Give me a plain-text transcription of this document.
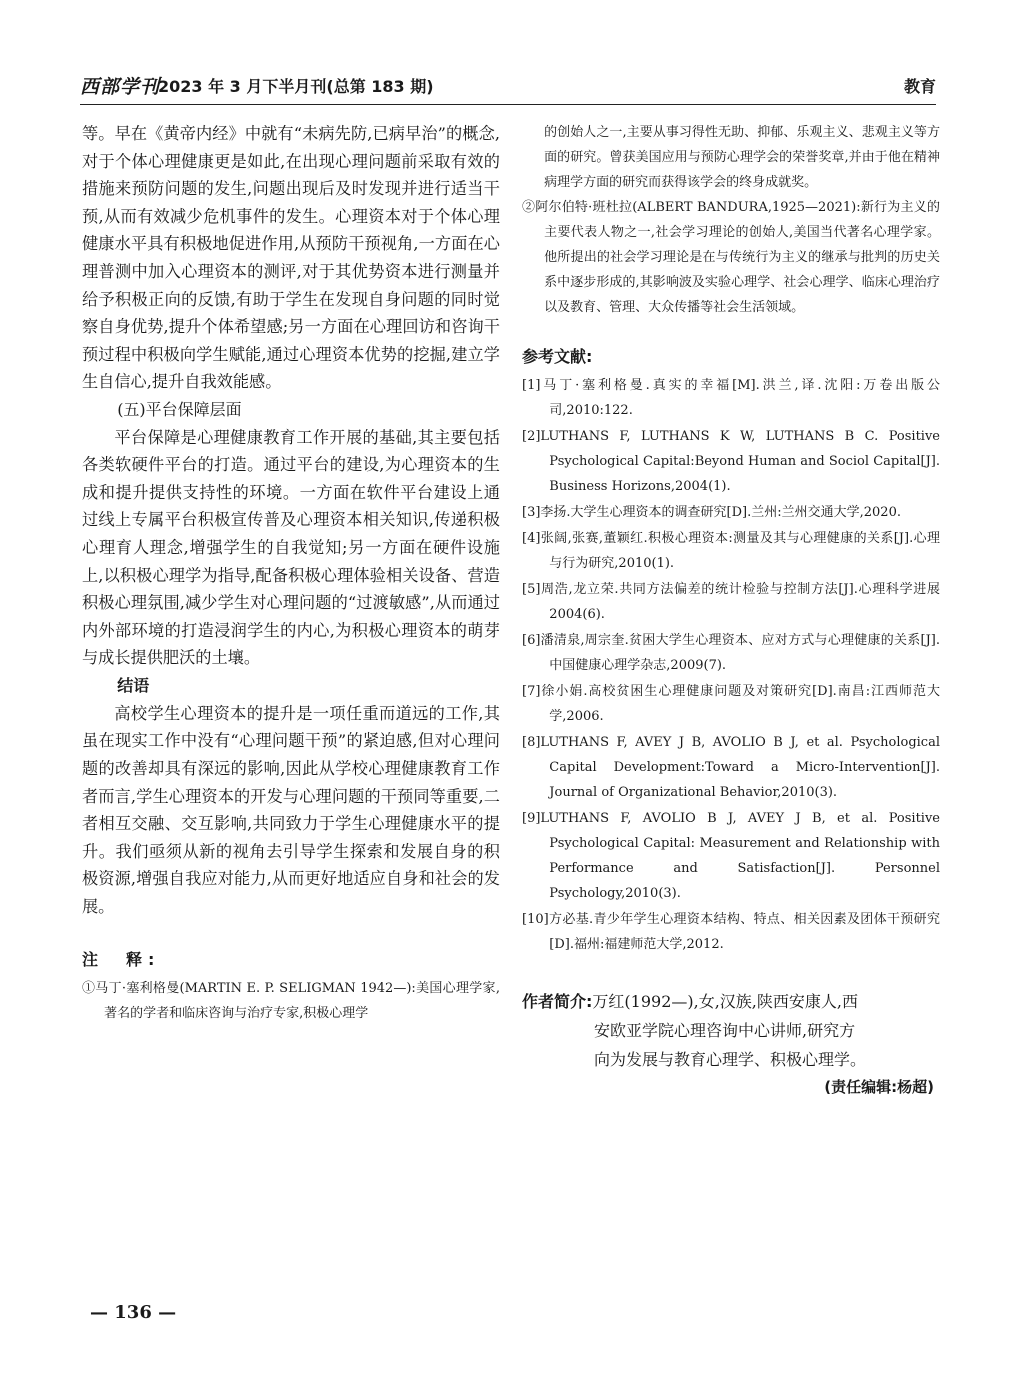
西部学刊
2023 年 3 月下半月刊(总第 183 期)	教育

等。早在《黄帝内经》中就有“未病先防,已病早治”的概念,对于个体心理健康更是如此,在出现心理问题前采取有效的措施来预防问题的发生,问题出现后及时发现并进行适当干预,从而有效减少危机事件的发生。心理资本对于个体心理健康水平具有积极地促进作用,从预防干预视角,一方面在心理普测中加入心理资本的测评,对于其优势资本进行测量并给予积极正向的反馈,有助于学生在发现自身问题的同时觉察自身优势,提升个体希望感;另一方面在心理回访和咨询干预过程中积极向学生赋能,通过心理资本优势的挖掘,建立学生自信心,提升自我效能感。

(五)平台保障层面

平台保障是心理健康教育工作开展的基础,其主要包括各类软硬件平台的打造。通过平台的建设,为心理资本的生成和提升提供支持性的环境。一方面在软件平台建设上通过线上专属平台积极宣传普及心理资本相关知识,传递积极心理育人理念,增强学生的自我觉知;另一方面在硬件设施上,以积极心理学为指导,配备积极心理体验相关设备、营造积极心理氛围,减少学生对心理问题的“过渡敏感”,从而通过内外部环境的打造浸润学生的内心,为积极心理资本的萌芽与成长提供肥沃的土壤。

结语

高校学生心理资本的提升是一项任重而道远的工作,其虽在现实工作中没有“心理问题干预”的紧迫感,但对心理问题的改善却具有深远的影响,因此从学校心理健康教育工作者而言,学生心理资本的开发与心理问题的干预同等重要,二者相互交融、交互影响,共同致力于学生心理健康水平的提升。我们亟须从新的视角去引导学生探索和发展自身的积极资源,增强自我应对能力,从而更好地适应自身和社会的发展。

注　释:

①马丁·塞利格曼(MARTIN E. P. SELIGMAN 1942—):美国心理学家,著名的学者和临床咨询与治疗专家,积极心理学

的创始人之一,主要从事习得性无助、抑郁、乐观主义、悲观主义等方面的研究。曾获美国应用与预防心理学会的荣誉奖章,并由于他在精神病理学方面的研究而获得该学会的终身成就奖。

②阿尔伯特·班杜拉(ALBERT BANDURA,1925—2021):新行为主义的主要代表人物之一,社会学习理论的创始人,美国当代著名心理学家。他所提出的社会学习理论是在与传统行为主义的继承与批判的历史关系中逐步形成的,其影响波及实验心理学、社会心理学、临床心理治疗以及教育、管理、大众传播等社会生活领域。

参考文献:

[1]马丁·塞利格曼.真实的幸福[M].洪兰,译.沈阳:万卷出版公司,2010:122.

[2]LUTHANS F, LUTHANS K W, LUTHANS B C. Positive Psychological Capital:Beyond Human and Sociol Capital[J]. Business Horizons,2004(1).

[3]李扬.大学生心理资本的调查研究[D].兰州:兰州交通大学,2020.

[4]张阔,张赛,董颖红.积极心理资本:测量及其与心理健康的关系[J].心理与行为研究,2010(1).

[5]周浩,龙立荣.共同方法偏差的统计检验与控制方法[J].心理科学进展 2004(6).

[6]潘清泉,周宗奎.贫困大学生心理资本、应对方式与心理健康的关系[J].中国健康心理学杂志,2009(7).

[7]徐小娟.高校贫困生心理健康问题及对策研究[D].南昌:江西师范大学,2006.

[8]LUTHANS F, AVEY J B, AVOLIO B J, et al. Psychological Capital Development:Toward a Micro-Intervention[J]. Journal of Organizational Behavior,2010(3).

[9]LUTHANS F, AVOLIO B J, AVEY J B, et al. Positive Psychological Capital: Measurement and Relationship with Performance and Satisfaction[J]. Personnel Psychology,2010(3).

[10]方必基.青少年学生心理资本结构、特点、相关因素及团体干预研究[D].福州:福建师范大学,2012.

作者简介:万红(1992—),女,汉族,陕西安康人,西
安欧亚学院心理咨询中心讲师,研究方
向为发展与教育心理学、积极心理学。
(责任编辑:杨超)
— 136 —
